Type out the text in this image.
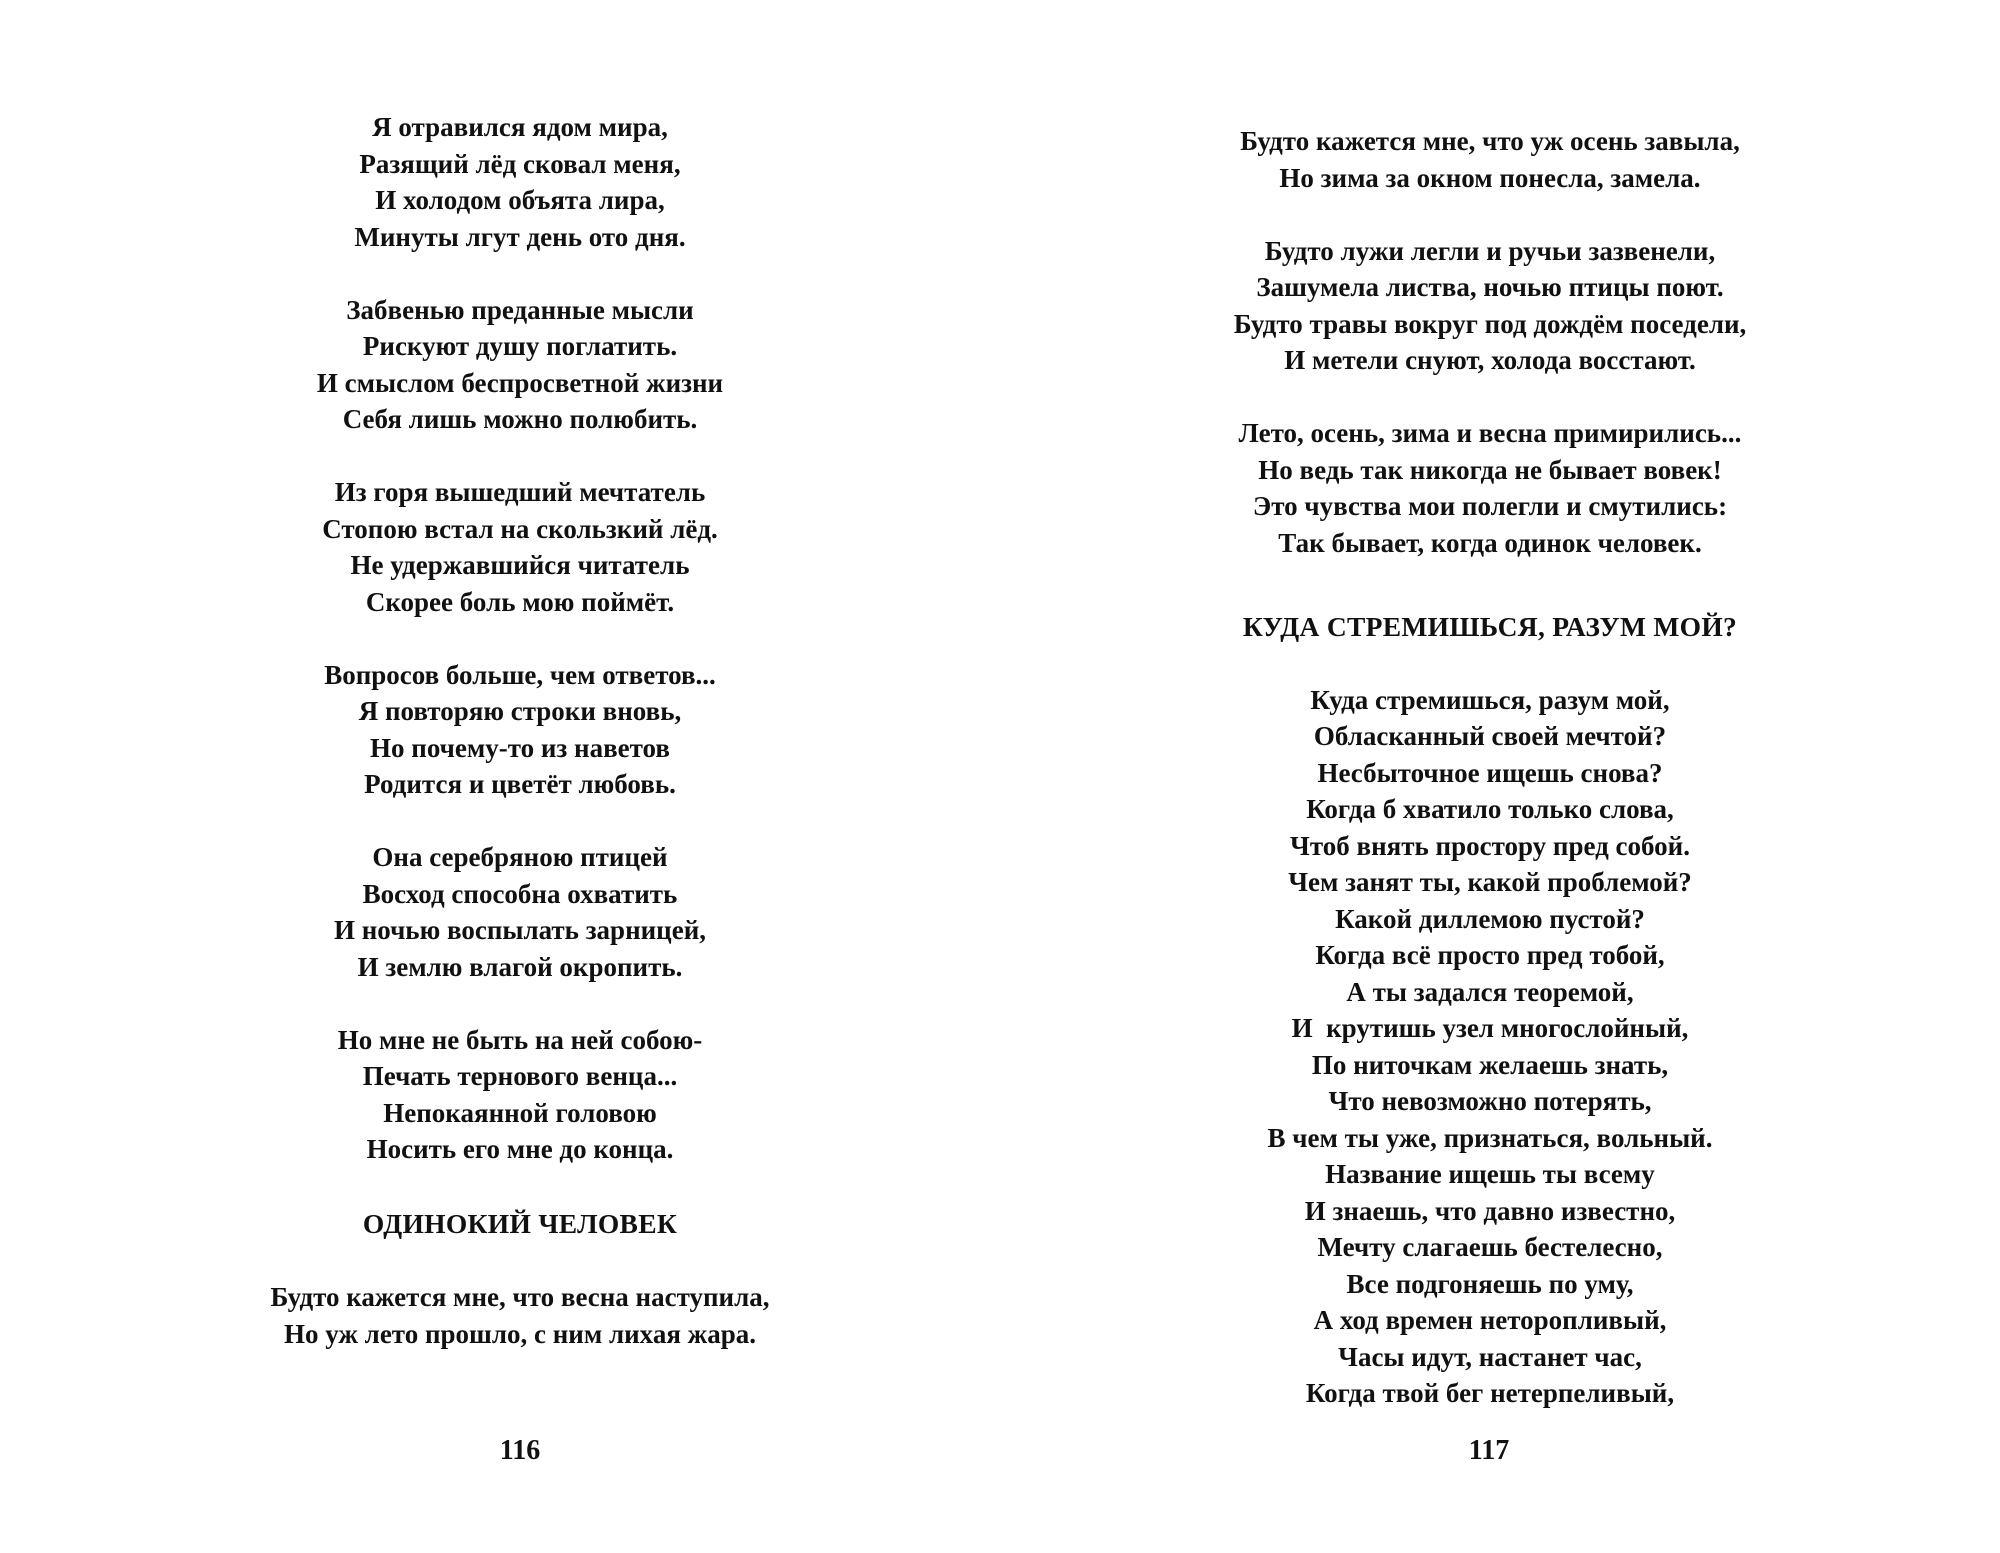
Я отравился ядом мира,
Разящий лёд сковал меня,
И холодом объята лира,
Минуты лгут день ото дня.
Забвенью преданные мысли
Рискуют душу поглатить.
И смыслом беспросветной жизни
Себя лишь можно полюбить.
Из горя вышедший мечтатель
Стопою встал на скользкий лёд.
Не удержавшийся читатель
Скорее боль мою поймёт.
Вопросов больше, чем ответов...
Я повторяю строки вновь,
Но почему-то из наветов
Родится и цветёт любовь.
Она серебряною птицей
Восход способна охватить
И ночью воспылать зарницей,
И землю влагой окропить.
Но мне не быть на ней собою-
Печать тернового венца...
Непокаянной головою
Носить его мне до конца.
ОДИНОКИЙ ЧЕЛОВЕК
Будто кажется мне, что весна наступила,
Но уж лето прошло, с ним лихая жара.
116
Будто кажется мне, что уж осень завыла,
Но зима за окном понесла, замела.
Будто лужи легли и ручьи зазвенели,
Зашумела листва, ночью птицы поют.
Будто травы вокруг под дождём поседели,
И метели снуют, холода восстают.
Лето, осень, зима и весна примирились...
Но ведь так никогда не бывает вовек!
Это чувства мои полегли и смутились:
Так бывает, когда одинок человек.
КУДА СТРЕМИШЬСЯ, РАЗУМ МОЙ?
Куда стремишься, разум мой,
Обласканный своей мечтой?
Несбыточное ищешь снова?
Когда б хватило только слова,
Чтоб внять простору пред собой.
Чем занят ты, какой проблемой?
Какой диллемою пустой?
Когда всё просто пред тобой,
А ты задался теоремой,
И  крутишь узел многослойный,
По ниточкам желаешь знать,
Что невозможно потерять,
В чем ты уже, признаться, вольный.
Название ищешь ты всему
И знаешь, что давно известно,
Мечту слагаешь бестелесно,
Все подгоняешь по уму,
А ход времен неторопливый,
Часы идут, настанет час,
Когда твой бег нетерпеливый,
117
